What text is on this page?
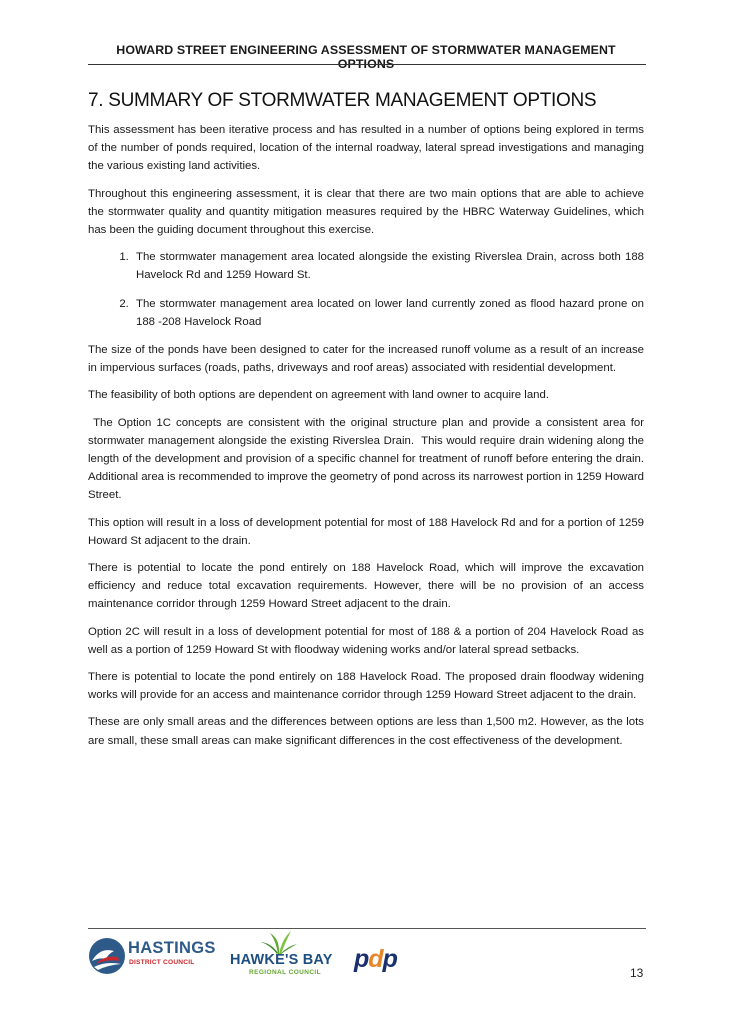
HOWARD STREET ENGINEERING ASSESSMENT OF STORMWATER MANAGEMENT OPTIONS
7. SUMMARY OF STORMWATER MANAGEMENT OPTIONS

This assessment has been iterative process and has resulted in a number of options being explored in terms of the number of ponds required, location of the internal roadway, lateral spread investigations and managing the various existing land activities.

Throughout this engineering assessment, it is clear that there are two main options that are able to achieve the stormwater quality and quantity mitigation measures required by the HBRC Waterway Guidelines, which has been the guiding document throughout this exercise.

1. The stormwater management area located alongside the existing Riverslea Drain, across both 188 Havelock Rd and 1259 Howard St.
2. The stormwater management area located on lower land currently zoned as flood hazard prone on 188 -208 Havelock Road

The size of the ponds have been designed to cater for the increased runoff volume as a result of an increase in impervious surfaces (roads, paths, driveways and roof areas) associated with residential development.

The feasibility of both options are dependent on agreement with land owner to acquire land.

The Option 1C concepts are consistent with the original structure plan and provide a consistent area for stormwater management alongside the existing Riverslea Drain.  This would require drain widening along the length of the development and provision of a specific channel for treatment of runoff before entering the drain.  Additional area is recommended to improve the geometry of pond across its narrowest portion in 1259 Howard Street.

This option will result in a loss of development potential for most of 188 Havelock Rd and for a portion of 1259 Howard St adjacent to the drain.

There is potential to locate the pond entirely on 188 Havelock Road, which will improve the excavation efficiency and reduce total excavation requirements. However, there will be no provision of an access maintenance corridor through 1259 Howard Street adjacent to the drain.

Option 2C will result in a loss of development potential for most of 188 & a portion of 204 Havelock Road as well as a portion of 1259 Howard St with floodway widening works and/or lateral spread setbacks.

There is potential to locate the pond entirely on 188 Havelock Road. The proposed drain floodway widening works will provide for an access and maintenance corridor through 1259 Howard Street adjacent to the drain.

These are only small areas and the differences between options are less than 1,500 m2. However, as the lots are small, these small areas can make significant differences in the cost effectiveness of the development.

HASTINGS
DISTRICT COUNCIL HAWKE'S BAY
REGIONAL COUNCIL pdp	13
